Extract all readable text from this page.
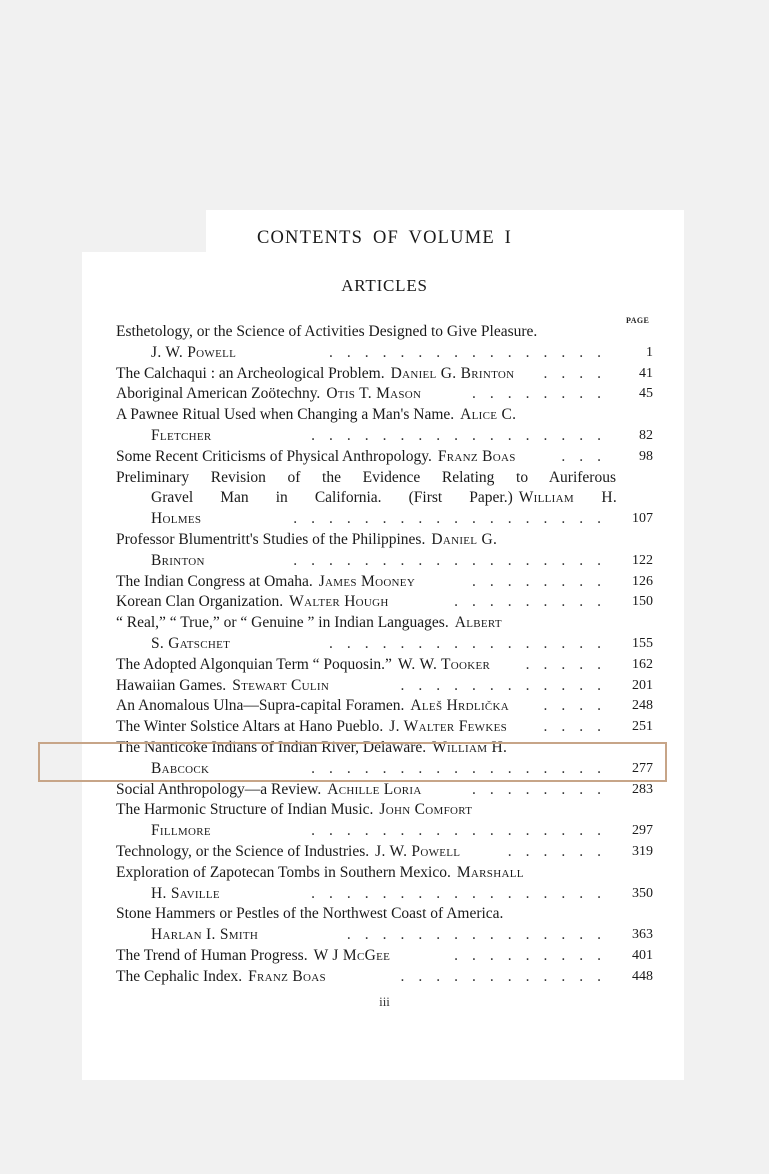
CONTENTS OF VOLUME I
ARTICLES
PAGE
Esthetology, or the Science of Activities Designed to Give Pleasure.
J. W. Powell	1
................
The Calchaqui : an Archeological Problem. Daniel G. Brinton	41
....
Aboriginal American Zoötechny. Otis T. Mason	45
........
A Pawnee Ritual Used when Changing a Man's Name. Alice C.
Fletcher	82
.................
Some Recent Criticisms of Physical Anthropology. Franz Boas	98
...
Preliminary Revision of the Evidence Relating to Auriferous
Gravel Man in California. (First Paper.) William H.
Holmes	107
..................
Professor Blumentritt's Studies of the Philippines. Daniel G.
Brinton	122
..................
The Indian Congress at Omaha. James Mooney	126
........
Korean Clan Organization. Walter Hough	150
.........
“ Real,” “ True,” or “ Genuine ” in Indian Languages. Albert
S. Gatschet	155
................
The Adopted Algonquian Term “ Poquosin.” W. W. Tooker	162
.....
Hawaiian Games. Stewart Culin	201
............
An Anomalous Ulna—Supra-capital Foramen. Aleš Hrdlička	248
....
The Winter Solstice Altars at Hano Pueblo. J. Walter Fewkes	251
....
The Nanticoke Indians of Indian River, Delaware. William H.
Babcock	277
.................
Social Anthropology—a Review. Achille Loria	283
........
The Harmonic Structure of Indian Music. John Comfort
Fillmore	297
.................
Technology, or the Science of Industries. J. W. Powell	319
......
Exploration of Zapotecan Tombs in Southern Mexico. Marshall
H. Saville	350
.................
Stone Hammers or Pestles of the Northwest Coast of America.
Harlan I. Smith	363
...............
The Trend of Human Progress. W J McGee	401
.........
The Cephalic Index. Franz Boas	448
............
iii
